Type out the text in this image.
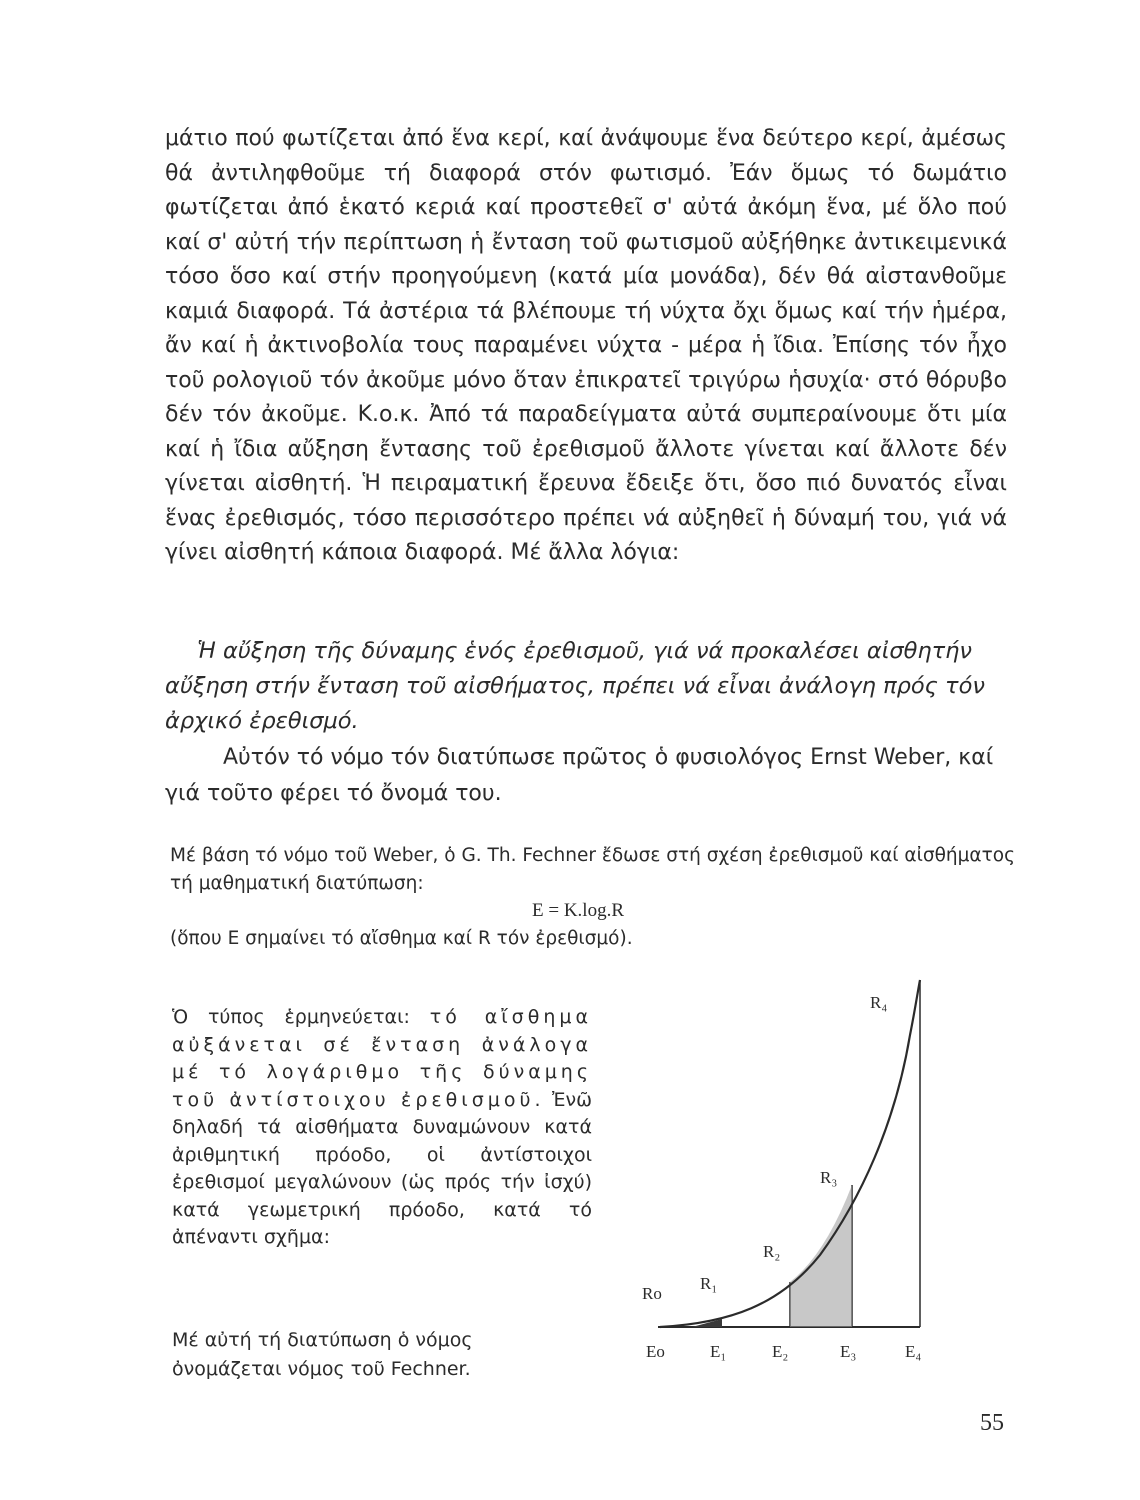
μάτιο πού φωτίζεται ἀπό ἕνα κερί, καί ἀνάψουμε ἕνα δεύτερο κερί, ἀμέσως θά ἀντιληφθοῦμε τή διαφορά στόν φωτισμό. Ἐάν ὅμως τό δωμάτιο φωτίζεται ἀπό ἑκατό κεριά καί προστεθεῖ σ' αὐτά ἀκόμη ἕνα, μέ ὅλο πού καί σ' αὐτή τήν περίπτωση ἡ ἔνταση τοῦ φωτισμοῦ αὐξήθηκε ἀντικειμενικά τόσο ὅσο καί στήν προηγούμενη (κατά μία μονάδα), δέν θά αἰστανθοῦμε καμιά διαφορά. Τά ἀστέρια τά βλέπουμε τή νύχτα ὄχι ὅμως καί τήν ἡμέρα, ἄν καί ἡ ἀκτινοβολία τους παραμένει νύχτα - μέρα ἡ ἴδια. Ἐπίσης τόν ἦχο τοῦ ρολογιοῦ τόν ἀκοῦμε μόνο ὅταν ἐπικρατεῖ τριγύρω ἡσυχία· στό θόρυβο δέν τόν ἀκοῦμε. Κ.ο.κ. Ἀπό τά παραδείγματα αὐτά συμπεραίνουμε ὅτι μία καί ἡ ἴδια αὔξηση ἔντασης τοῦ ἐρεθισμοῦ ἄλλοτε γίνεται καί ἄλλοτε δέν γίνεται αἰσθητή. Ἡ πειραματική ἔρευνα ἔδειξε ὅτι, ὅσο πιό δυνατός εἶναι ἕνας ἐρεθισμός, τόσο περισσότερο πρέπει νά αὐξηθεῖ ἡ δύναμή του, γιά νά γίνει αἰσθητή κάποια διαφορά. Μέ ἄλλα λόγια:

Ἡ αὔξηση τῆς δύναμης ἑνός ἐρεθισμοῦ, γιά νά προκαλέσει αἰσθητήν αὔξηση στήν ἔνταση τοῦ αἰσθήματος, πρέπει νά εἶναι ἀνάλογη πρός τόν ἀρχικό ἐρεθισμό.

Αὐτόν τό νόμο τόν διατύπωσε πρῶτος ὁ φυσιολόγος Ernst Weber, καί γιά τοῦτο φέρει τό ὄνομά του.

Μέ βάση τό νόμο τοῦ Weber, ὁ G. Th. Fechner ἔδωσε στή σχέση ἐρεθισμοῦ καί αἰσθήματος τή μαθηματική διατύπωση:

E = K.log.R

(ὅπου E σημαίνει τό αἴσθημα καί R τόν ἐρεθισμό).

Ὁ τύπος ἑρμηνεύεται: τό αἴσθημα αὐξάνεται σέ ἔνταση ἀνάλογα μέ τό λογάριθμο τῆς δύναμης τοῦ ἀντίστοιχου ἐρεθισμοῦ. Ἐνῶ δηλαδή τά αἰσθήματα δυναμώνουν κατά ἀριθμητική πρόοδο, οἱ ἀντίστοιχοι ἐρεθισμοί μεγαλώνουν (ὡς πρός τήν ἰσχύ) κατά γεωμετρική πρόοδο, κατά τό ἀπέναντι σχῆμα:

Μέ αὐτή τή διατύπωση ὁ νόμος ὀνομάζεται νόμος τοῦ Fechner.

Ro
R₁
R₂
R₃
R₄
Eo	E₁	E₂	E₃	E₄

55
